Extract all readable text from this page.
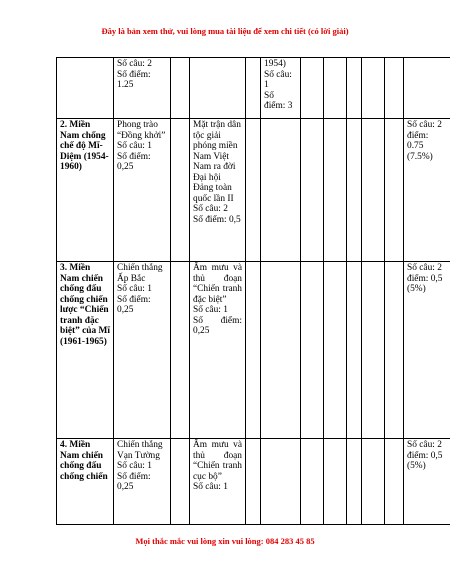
Đây là bản xem thử, vui lòng mua tài liệu để xem chi tiết (có lời giải)

	Số câu: 2
Số điểm:
1.25				1954)
Số câu:
1
Số
điểm: 3						

2. Miền Nam chống chế độ Mĩ-Diệm (1954-1960)	Phong trào “Đồng khởi”
Số câu: 1
Số điểm: 0,25		Mặt trận dân tộc giải phóng miền Nam Việt Nam ra đời
Đại hội Đảng toàn quốc lần II
Số câu: 2
Số điểm: 0,5								Số câu: 2
điểm: 0.75
(7.5%)

3. Miền Nam chiến chống đấu chống chiến lược “Chiến tranh đặc biệt” của Mĩ (1961-1965)	Chiến thắng Ấp Bắc
Số câu: 1
Số điểm: 0,25		Âm mưu và thủ đoạn “Chiến tranh đặc biệt”
Số câu: 1
Số điểm: 0,25								Số câu: 2
điểm: 0,5
(5%)

4. Miền Nam chiến chống đấu chống chiến	Chiến thắng Vạn Tường
Số câu: 1
Số điểm: 0,25		Âm mưu và thủ đoạn “Chiến tranh cục bộ”
Số câu: 1								Số câu: 2
điểm: 0,5
(5%)
Mọi thắc mắc vui lòng xin vui lòng: 084 283 45 85
